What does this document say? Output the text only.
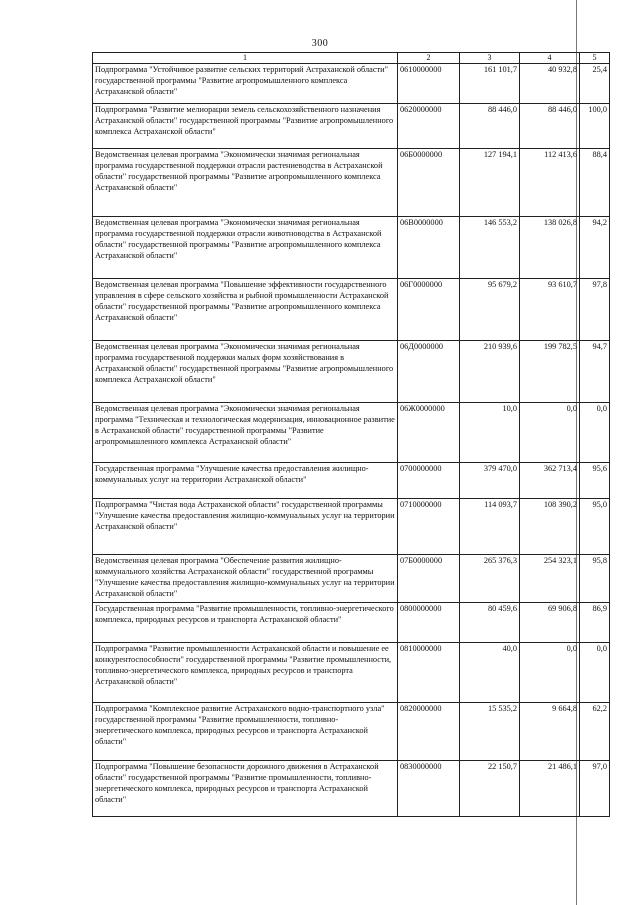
300
1	2	3	4	5
Подпрограмма "Устойчивое развитие сельских территорий Астраханской области" государственной программы "Развитие агропромышленного комплекса Астраханской области"	0610000000	161 101,7	40 932,8	25,4
Подпрограмма "Развитие мелиорации земель сельскохозяйственного назначения Астраханской области" государственной программы "Развитие агропромышленного комплекса Астраханской области"	0620000000	88 446,0	88 446,0	100,0
Ведомственная целевая программа "Экономически значимая региональная программа государственной поддержки отрасли растениеводства в Астраханской области" государственной программы "Развитие агропромышленного комплекса Астраханской области"	06Б0000000	127 194,1	112 413,6	88,4
Ведомственная целевая программа "Экономически значимая региональная программа государственной поддержки отрасли животноводства в Астраханской области" государственной программы "Развитие агропромышленного комплекса Астраханской области"	06В0000000	146 553,2	138 026,8	94,2
Ведомственная целевая программа "Повышение эффективности государственного управления в сфере сельского хозяйства и рыбной промышленности Астраханской области" государственной программы "Развитие агропромышленного комплекса Астраханской области"	06Г0000000	95 679,2	93 610,7	97,8
Ведомственная целевая программа "Экономически значимая региональная программа государственной поддержки малых форм хозяйствования в Астраханской области" государственной программы "Развитие агропромышленного комплекса Астраханской области"	06Д0000000	210 939,6	199 782,5	94,7
Ведомственная целевая программа "Экономически значимая региональная программа "Техническая и технологическая модернизация, инновационное развитие в Астраханской области" государственной программы "Развитие агропромышленного комплекса Астраханской области"	06Ж0000000	10,0	0,0	0,0
Государственная программа "Улучшение качества предоставления жилищно-коммунальных услуг на территории Астраханской области"	0700000000	379 470,0	362 713,4	95,6
Подпрограмма "Чистая вода Астраханской области" государственной программы "Улучшение качества предоставления жилищно-коммунальных услуг на территории Астраханской области"	0710000000	114 093,7	108 390,2	95,0
Ведомственная целевая программа "Обеспечение развития жилищно-коммунального хозяйства Астраханской области" государственной программы "Улучшение качества предоставления жилищно-коммунальных услуг на территории Астраханской области"	07Б0000000	265 376,3	254 323,1	95,8
Государственная программа "Развитие промышленности, топливно-энергетического комплекса, природных ресурсов и транспорта Астраханской области"	0800000000	80 459,6	69 906,8	86,9
Подпрограмма "Развитие промышленности Астраханской области и повышение ее конкурентоспособности" государственной программы "Развитие промышленности, топливно-энергетического комплекса, природных ресурсов и транспорта Астраханской области"	0810000000	40,0	0,0	0,0
Подпрограмма "Комплексное развитие Астраханского водно-транспортного узла" государственной программы "Развитие промышленности, топливно-энергетического комплекса, природных ресурсов и транспорта Астраханской области"	0820000000	15 535,2	9 664,8	62,2
Подпрограмма "Повышение безопасности дорожного движения в Астраханской области" государственной программы "Развитие промышленности, топливно-энергетического комплекса, природных ресурсов и транспорта Астраханской области"	0830000000	22 150,7	21 486,1	97,0
